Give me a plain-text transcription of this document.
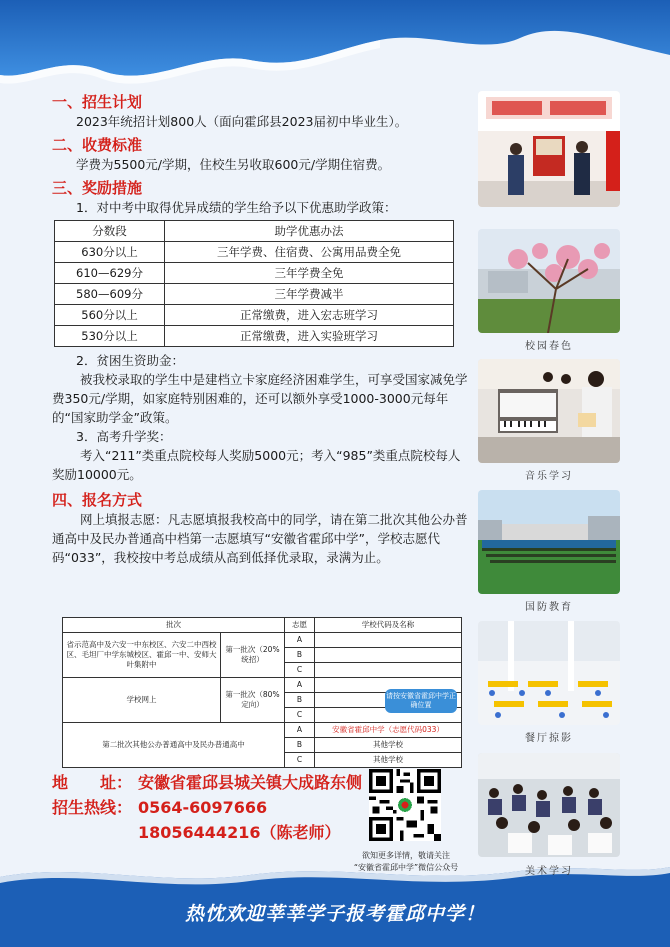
一、招生计划
2023年统招计划800人（面向霍邱县2023届初中毕业生）。
二、收费标准
学费为5500元/学期，住校生另收取600元/学期住宿费。
三、奖励措施
1．对中考中取得优异成绩的学生给予以下优惠助学政策：
分数段	助学优惠办法
630分以上	三年学费、住宿费、公寓用品费全免
610—629分	三年学费全免
580—609分	三年学费减半
560分以上	正常缴费，进入宏志班学习
530分以上	正常缴费，进入实验班学习
2．贫困生资助金：
被我校录取的学生中是建档立卡家庭经济困难学生，可享受国家减免学费350元/学期，如家庭特别困难的，还可以额外享受1000-3000元每年的“国家助学金”政策。
3．高考升学奖：
考入“211”类重点院校每人奖励5000元；考入“985”类重点院校每人奖励10000元。
四、报名方式
网上填报志愿：凡志愿填报我校高中的同学，请在第二批次其他公办普通高中及民办普通高中档第一志愿填写“安徽省霍邱中学”，学校志愿代码“033”，我校按中考总成绩从高到低择优录取，录满为止。
批次		志愿	学校代码及名称
省示范高中及六安一中东校区、六安二中西校区、毛坦厂中学东城校区、霍邱一中、安师大 叶集附中	第一批次（20%统招）	A	
		B	
		C	
学校网上	第一批次（80%定向）	A	
		B	
		C	
第二批次其他公办普通高中及民办普通高中		A	安徽省霍邱中学（志愿代码033）
		B	其他学校
		C	其他学校
请按安徽省霍邱中学正确位置
地　　址： 安徽省霍邱县城关镇大成路东侧
招生热线： 0564-6097666
18056444216（陈老师）
欲知更多详情，敬请关注
“安徽省霍邱中学”微信公众号
校园春色
音乐学习
国防教育
餐厅掠影
美术学习
热忱欢迎莘莘学子报考霍邱中学！
